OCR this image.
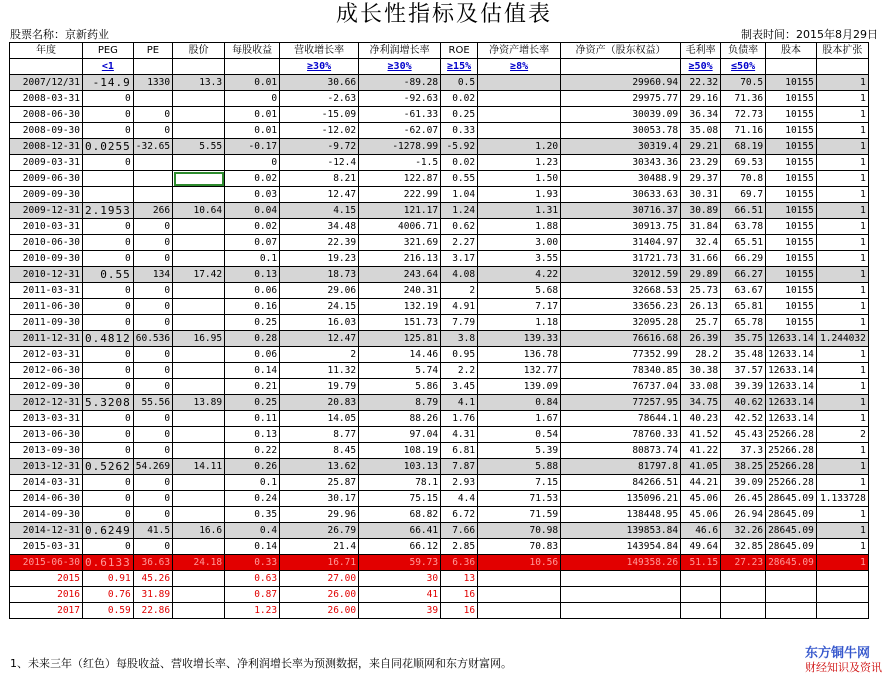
成长性指标及估值表
股票名称：京新药业	制表时间：2015年8月29日
年度	PEG	PE	股价	每股收益	营收增长率	净利润增长率	ROE	净资产增长率	净资产（股东权益）	毛利率	负债率	股本	股本扩张
	<1				≥30%	≥30%	≥15%	≥8%		≥50%	≤50%		
2007/12/31	-14.9	1330	13.3	0.01	30.66	-89.28	0.5		29960.94	22.32	70.5	10155	1
2008-03-31	0			0	-2.63	-92.63	0.02		29975.77	29.16	71.36	10155	1
2008-06-30	0	0		0.01	-15.09	-61.33	0.25		30039.09	36.34	72.73	10155	1
2008-09-30	0	0		0.01	-12.02	-62.07	0.33		30053.78	35.08	71.16	10155	1
2008-12-31	0.0255	-32.65	5.55	-0.17	-9.72	-1278.99	-5.92	1.20	30319.4	29.21	68.19	10155	1
2009-03-31	0			0	-12.4	-1.5	0.02	1.23	30343.36	23.29	69.53	10155	1
2009-06-30				0.02	8.21	122.87	0.55	1.50	30488.9	29.37	70.8	10155	1
2009-09-30				0.03	12.47	222.99	1.04	1.93	30633.63	30.31	69.7	10155	1
2009-12-31	2.1953	266	10.64	0.04	4.15	121.17	1.24	1.31	30716.37	30.89	66.51	10155	1
2010-03-31	0	0		0.02	34.48	4006.71	0.62	1.88	30913.75	31.84	63.78	10155	1
2010-06-30	0	0		0.07	22.39	321.69	2.27	3.00	31404.97	32.4	65.51	10155	1
2010-09-30	0	0		0.1	19.23	216.13	3.17	3.55	31721.73	31.66	66.29	10155	1
2010-12-31	0.55	134	17.42	0.13	18.73	243.64	4.08	4.22	32012.59	29.89	66.27	10155	1
2011-03-31	0	0		0.06	29.06	240.31	2	5.68	32668.53	25.73	63.67	10155	1
2011-06-30	0	0		0.16	24.15	132.19	4.91	7.17	33656.23	26.13	65.81	10155	1
2011-09-30	0	0		0.25	16.03	151.73	7.79	1.18	32095.28	25.7	65.78	10155	1
2011-12-31	0.4812	60.536	16.95	0.28	12.47	125.81	3.8	139.33	76616.68	26.39	35.75	12633.14	1.244032
2012-03-31	0	0		0.06	2	14.46	0.95	136.78	77352.99	28.2	35.48	12633.14	1
2012-06-30	0	0		0.14	11.32	5.74	2.2	132.77	78340.85	30.38	37.57	12633.14	1
2012-09-30	0	0		0.21	19.79	5.86	3.45	139.09	76737.04	33.08	39.39	12633.14	1
2012-12-31	5.3208	55.56	13.89	0.25	20.83	8.79	4.1	0.84	77257.95	34.75	40.62	12633.14	1
2013-03-31	0	0		0.11	14.05	88.26	1.76	1.67	78644.1	40.23	42.52	12633.14	1
2013-06-30	0	0		0.13	8.77	97.04	4.31	0.54	78760.33	41.52	45.43	25266.28	2
2013-09-30	0	0		0.22	8.45	108.19	6.81	5.39	80873.74	41.22	37.3	25266.28	1
2013-12-31	0.5262	54.269	14.11	0.26	13.62	103.13	7.87	5.88	81797.8	41.05	38.25	25266.28	1
2014-03-31	0	0		0.1	25.87	78.1	2.93	7.15	84266.51	44.21	39.09	25266.28	1
2014-06-30	0	0		0.24	30.17	75.15	4.4	71.53	135096.21	45.06	26.45	28645.09	1.133728
2014-09-30	0	0		0.35	29.96	68.82	6.72	71.59	138448.95	45.06	26.94	28645.09	1
2014-12-31	0.6249	41.5	16.6	0.4	26.79	66.41	7.66	70.98	139853.84	46.6	32.26	28645.09	1
2015-03-31	0	0		0.14	21.4	66.12	2.85	70.83	143954.84	49.64	32.85	28645.09	1
2015-06-30	0.6133	36.63	24.18	0.33	16.71	59.73	6.36	10.56	149358.26	51.15	27.23	28645.09	1
2015	0.91	45.26		0.63	27.00	30	13						
2016	0.76	31.89		0.87	26.00	41	16						
2017	0.59	22.86		1.23	26.00	39	16						
1、未来三年（红色）每股收益、营收增长率、净利润增长率为预测数据，来自同花顺网和东方财富网。
东方铜牛网
财经知识及资讯
